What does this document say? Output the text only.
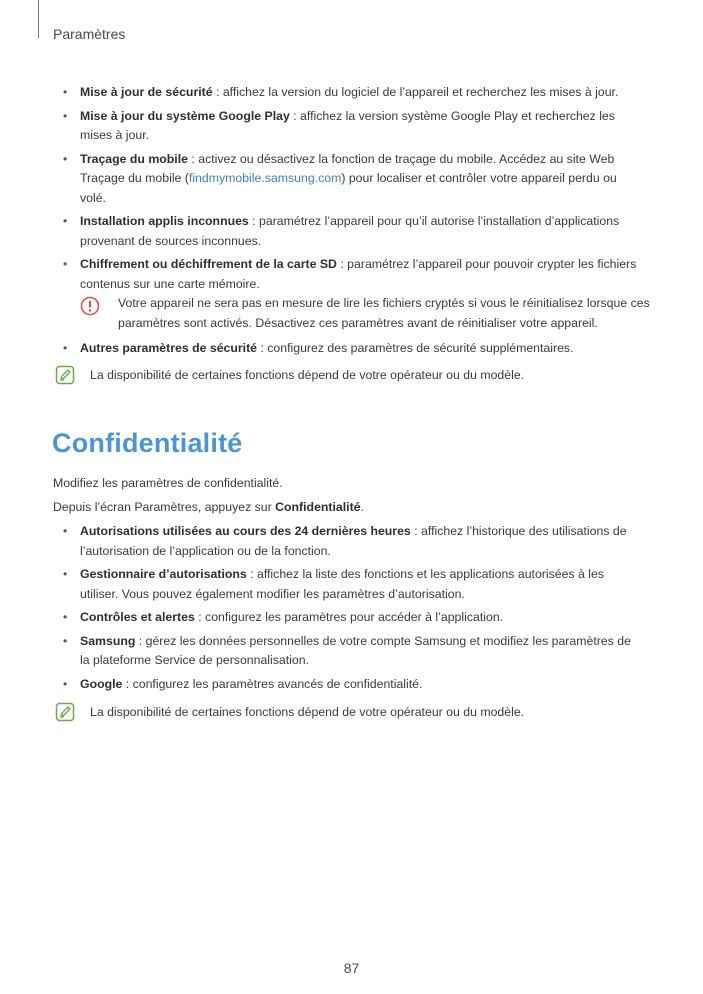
Paramètres
• Mise à jour de sécurité : affichez la version du logiciel de l’appareil et recherchez les mises à jour.
• Mise à jour du système Google Play : affichez la version système Google Play et recherchez les mises à jour.
• Traçage du mobile : activez ou désactivez la fonction de traçage du mobile. Accédez au site Web Traçage du mobile (findmymobile.samsung.com) pour localiser et contrôler votre appareil perdu ou volé.
• Installation applis inconnues : paramétrez l’appareil pour qu’il autorise l’installation d’applications provenant de sources inconnues.
• Chiffrement ou déchiffrement de la carte SD : paramétrez l’appareil pour pouvoir crypter les fichiers contenus sur une carte mémoire.
Votre appareil ne sera pas en mesure de lire les fichiers cryptés si vous le réinitialisez lorsque ces paramètres sont activés. Désactivez ces paramètres avant de réinitialiser votre appareil.
• Autres paramètres de sécurité : configurez des paramètres de sécurité supplémentaires.
La disponibilité de certaines fonctions dépend de votre opérateur ou du modèle.
Confidentialité
Modifiez les paramètres de confidentialité.
Depuis l’écran Paramètres, appuyez sur Confidentialité.
• Autorisations utilisées au cours des 24 dernières heures : affichez l’historique des utilisations de l’autorisation de l’application ou de la fonction.
• Gestionnaire d’autorisations : affichez la liste des fonctions et les applications autorisées à les utiliser. Vous pouvez également modifier les paramètres d’autorisation.
• Contrôles et alertes : configurez les paramètres pour accéder à l’application.
• Samsung : gérez les données personnelles de votre compte Samsung et modifiez les paramètres de la plateforme Service de personnalisation.
• Google : configurez les paramètres avancés de confidentialité.
La disponibilité de certaines fonctions dépend de votre opérateur ou du modèle.
87
